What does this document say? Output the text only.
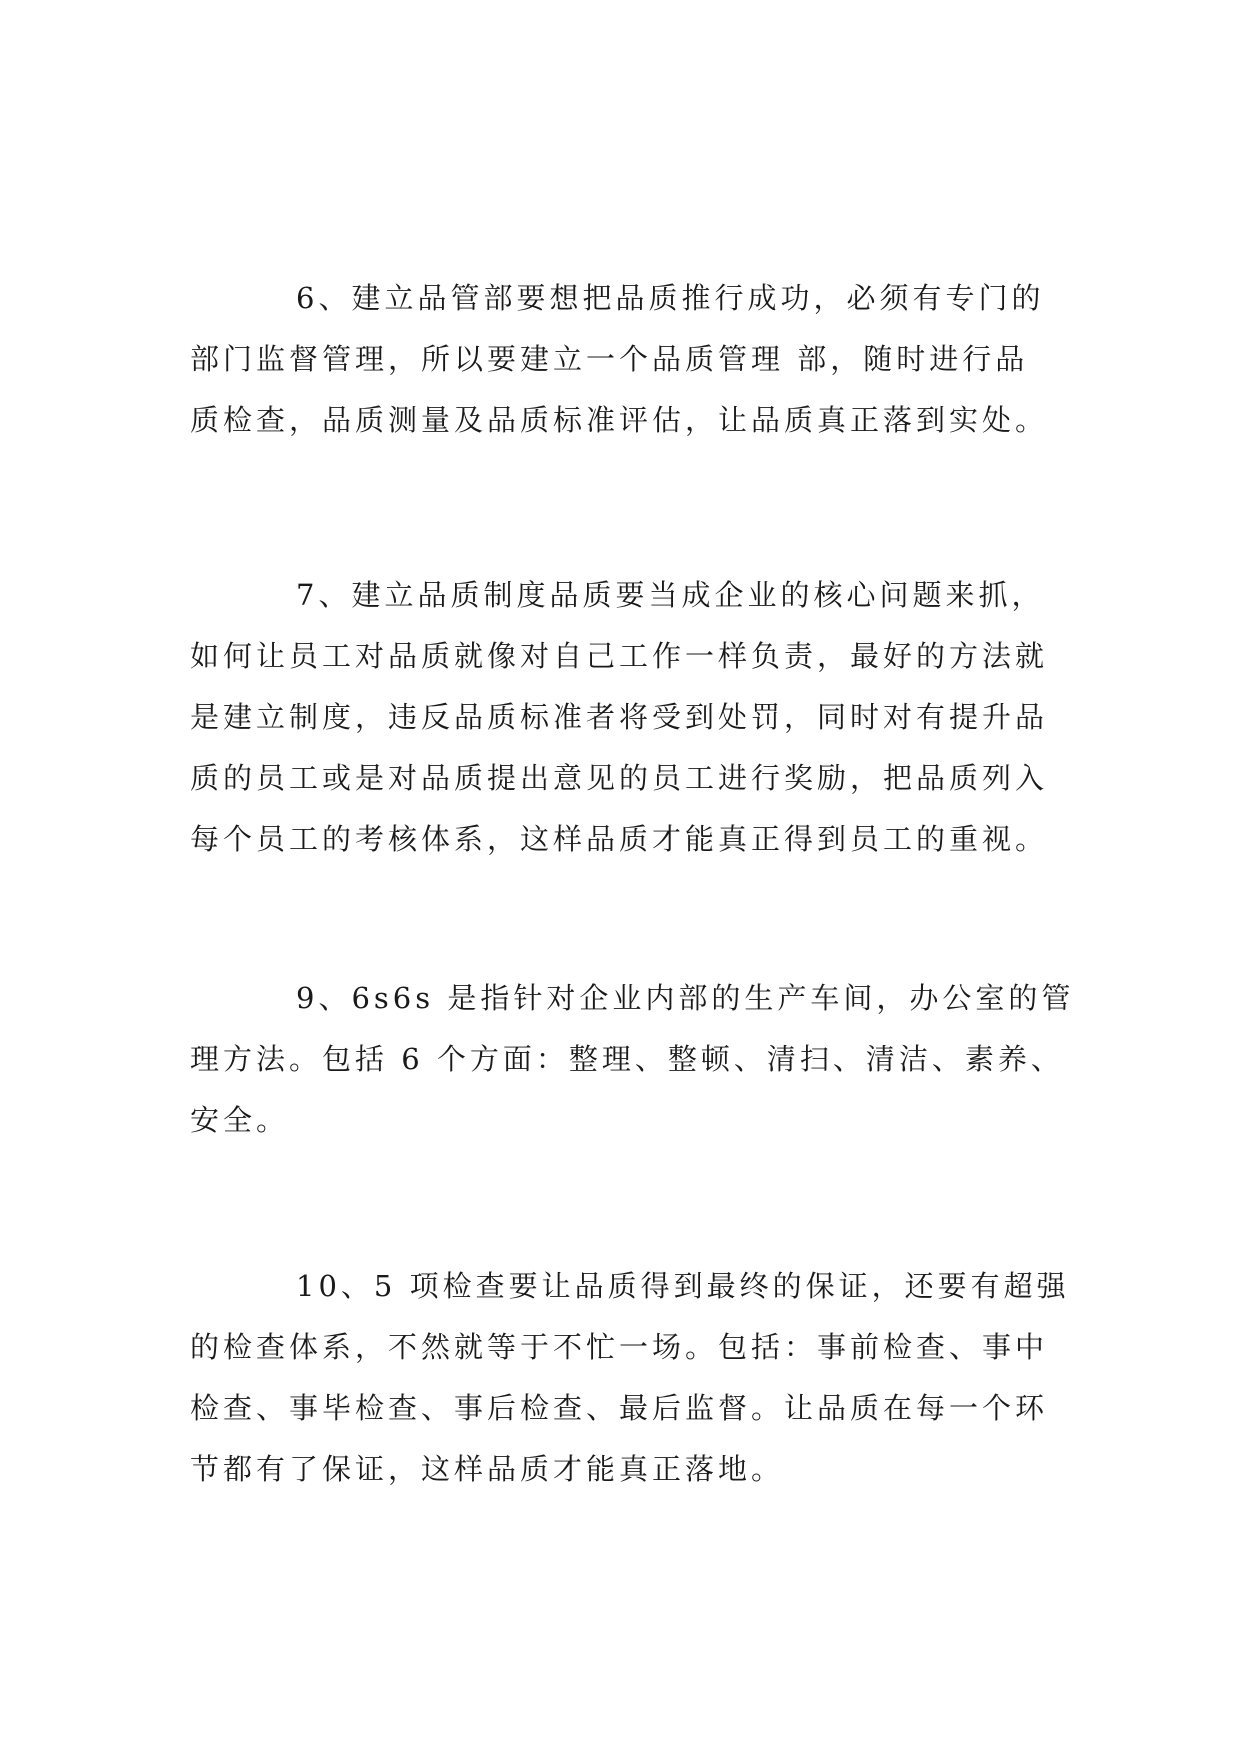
6、建立品管部要想把品质推行成功，必须有专门的
部门监督管理，所以要建立一个品质管理 部，随时进行品
质检查，品质测量及品质标准评估，让品质真正落到实处。
7、建立品质制度品质要当成企业的核心问题来抓，
如何让员工对品质就像对自己工作一样负责，最好的方法就
是建立制度，违反品质标准者将受到处罚，同时对有提升品
质的员工或是对品质提出意见的员工进行奖励，把品质列入
每个员工的考核体系，这样品质才能真正得到员工的重视。
9、6s6s 是指针对企业内部的生产车间，办公室的管
理方法。包括 6 个方面：整理、整顿、清扫、清洁、素养、
安全。
10、5 项检查要让品质得到最终的保证，还要有超强
的检查体系，不然就等于不忙一场。包括：事前检查、事中
检查、事毕检查、事后检查、最后监督。让品质在每一个环
节都有了保证，这样品质才能真正落地。
